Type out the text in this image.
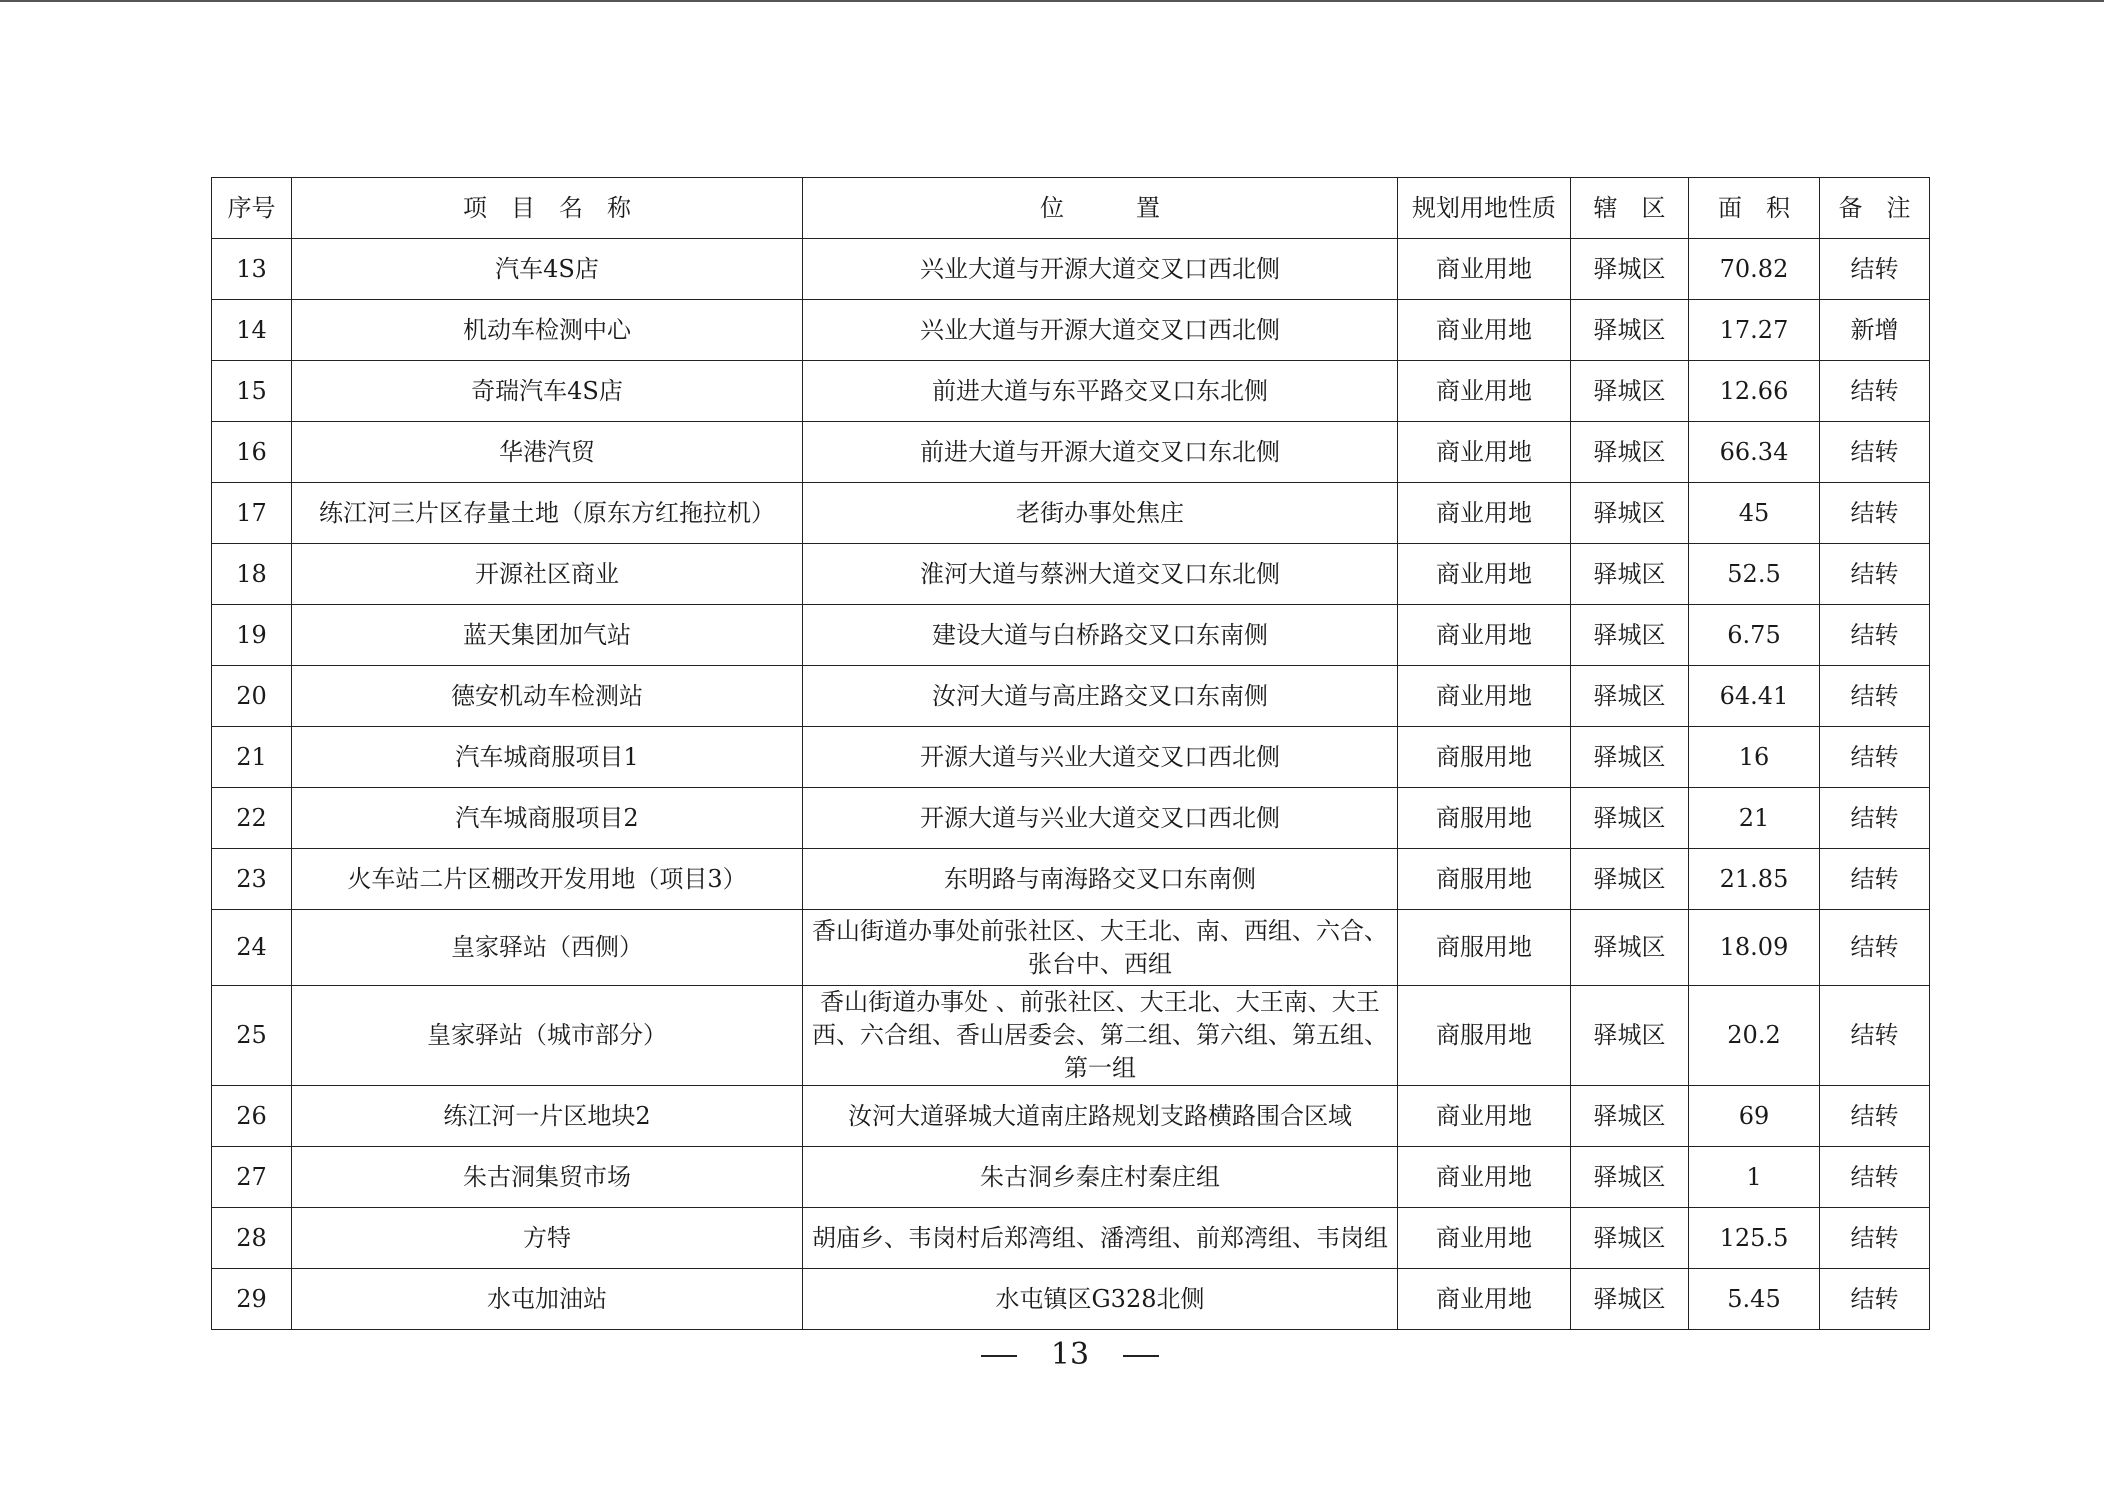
序号	项　目　名　称	位　　　置	规划用地性质	辖　区	面　积	备　注
13	汽车4S店	兴业大道与开源大道交叉口西北侧	商业用地	驿城区	70.82	结转
14	机动车检测中心	兴业大道与开源大道交叉口西北侧	商业用地	驿城区	17.27	新增
15	奇瑞汽车4S店	前进大道与东平路交叉口东北侧	商业用地	驿城区	12.66	结转
16	华港汽贸	前进大道与开源大道交叉口东北侧	商业用地	驿城区	66.34	结转
17	练江河三片区存量土地（原东方红拖拉机）	老街办事处焦庄	商业用地	驿城区	45	结转
18	开源社区商业	淮河大道与蔡洲大道交叉口东北侧	商业用地	驿城区	52.5	结转
19	蓝天集团加气站	建设大道与白桥路交叉口东南侧	商业用地	驿城区	6.75	结转
20	德安机动车检测站	汝河大道与高庄路交叉口东南侧	商业用地	驿城区	64.41	结转
21	汽车城商服项目1	开源大道与兴业大道交叉口西北侧	商服用地	驿城区	16	结转
22	汽车城商服项目2	开源大道与兴业大道交叉口西北侧	商服用地	驿城区	21	结转
23	火车站二片区棚改开发用地（项目3）	东明路与南海路交叉口东南侧	商服用地	驿城区	21.85	结转
24	皇家驿站（西侧）	香山街道办事处前张社区、大王北、南、西组、六合、张台中、西组	商服用地	驿城区	18.09	结转
25	皇家驿站（城市部分）	香山街道办事处 、前张社区、大王北、大王南、大王西、六合组、香山居委会、第二组、第六组、第五组、第一组	商服用地	驿城区	20.2	结转
26	练江河一片区地块2	汝河大道驿城大道南庄路规划支路横路围合区域	商业用地	驿城区	69	结转
27	朱古洞集贸市场	朱古洞乡秦庄村秦庄组	商业用地	驿城区	1	结转
28	方特	胡庙乡、韦岗村后郑湾组、潘湾组、前郑湾组、韦岗组	商业用地	驿城区	125.5	结转
29	水屯加油站	水屯镇区G328北侧	商业用地	驿城区	5.45	结转
13
